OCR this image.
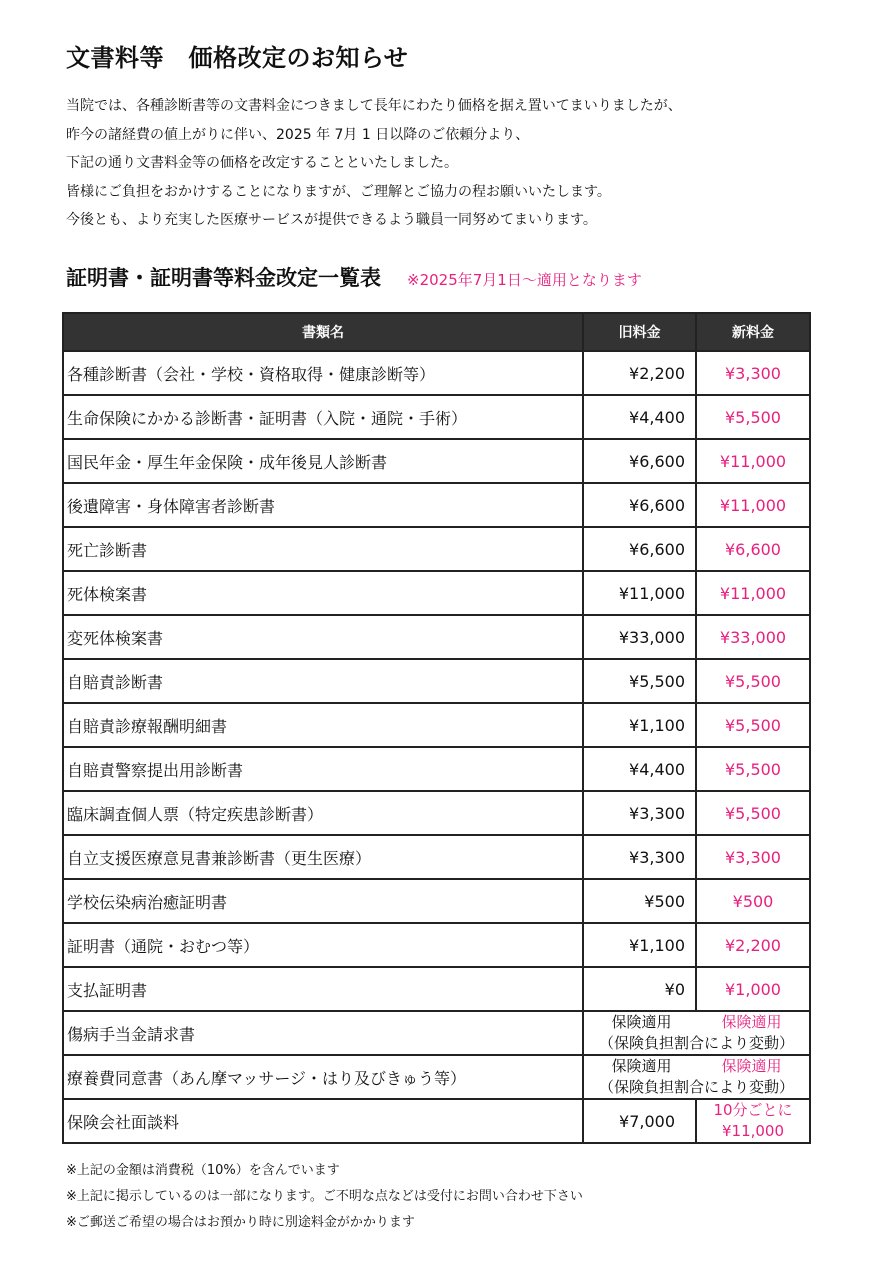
文書料等　価格改定のお知らせ
当院では、各種診断書等の文書料金につきまして長年にわたり価格を据え置いてまいりましたが、
昨今の諸経費の値上がりに伴い、2025 年 7月 1 日以降のご依頼分より、
下記の通り文書料金等の価格を改定することといたしました。
皆様にご負担をおかけすることになりますが、ご理解とご協力の程お願いいたします。
今後とも、より充実した医療サービスが提供できるよう職員一同努めてまいります。
証明書・証明書等料金改定一覧表 ※2025年7月1日～適用となります
書類名	旧料金	新料金
各種診断書（会社・学校・資格取得・健康診断等）	¥2,200	¥3,300
生命保険にかかる診断書・証明書（入院・通院・手術）	¥4,400	¥5,500
国民年金・厚生年金保険・成年後見人診断書	¥6,600	¥11,000
後遺障害・身体障害者診断書	¥6,600	¥11,000
死亡診断書	¥6,600	¥6,600
死体検案書	¥11,000	¥11,000
変死体検案書	¥33,000	¥33,000
自賠責診断書	¥5,500	¥5,500
自賠責診療報酬明細書	¥1,100	¥5,500
自賠責警察提出用診断書	¥4,400	¥5,500
臨床調査個人票（特定疾患診断書）	¥3,300	¥5,500
自立支援医療意見書兼診断書（更生医療）	¥3,300	¥3,300
学校伝染病治癒証明書	¥500	¥500
証明書（通院・おむつ等）	¥1,100	¥2,200
支払証明書	¥0	¥1,000
傷病手当金請求書	保険適用 保険適用
（保険負担割合により変動）	

療養費同意書（あん摩マッサージ・はり及びきゅう等）	保険適用 保険適用
（保険負担割合により変動）	

保険会社面談料	¥7,000	10分ごとに
¥11,000
※上記の金額は消費税（10%）を含んでいます
※上記に掲示しているのは一部になります。ご不明な点などは受付にお問い合わせ下さい
※ご郵送ご希望の場合はお預かり時に別途料金がかかります
